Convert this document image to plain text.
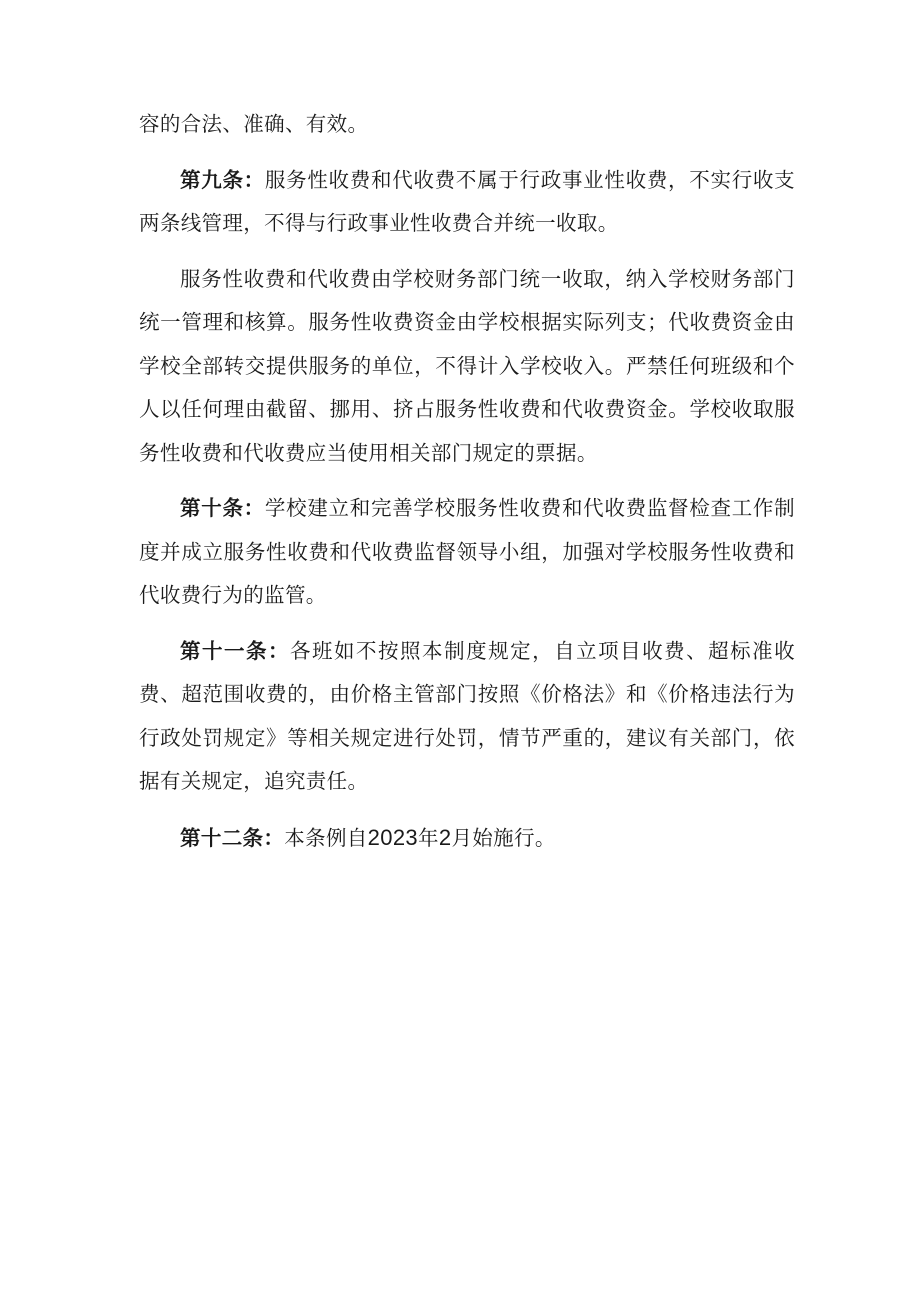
容的合法、准确、有效。

第九条：服务性收费和代收费不属于行政事业性收费，不实行收支两条线管理，不得与行政事业性收费合并统一收取。

服务性收费和代收费由学校财务部门统一收取，纳入学校财务部门统一管理和核算。服务性收费资金由学校根据实际列支；代收费资金由学校全部转交提供服务的单位，不得计入学校收入。严禁任何班级和个人以任何理由截留、挪用、挤占服务性收费和代收费资金。学校收取服务性收费和代收费应当使用相关部门规定的票据。

第十条：学校建立和完善学校服务性收费和代收费监督检查工作制度并成立服务性收费和代收费监督领导小组，加强对学校服务性收费和代收费行为的监管。

第十一条：各班如不按照本制度规定，自立项目收费、超标准收费、超范围收费的，由价格主管部门按照《价格法》和《价格违法行为行政处罚规定》等相关规定进行处罚，情节严重的，建议有关部门，依据有关规定，追究责任。

第十二条：本条例自2023年2月始施行。
